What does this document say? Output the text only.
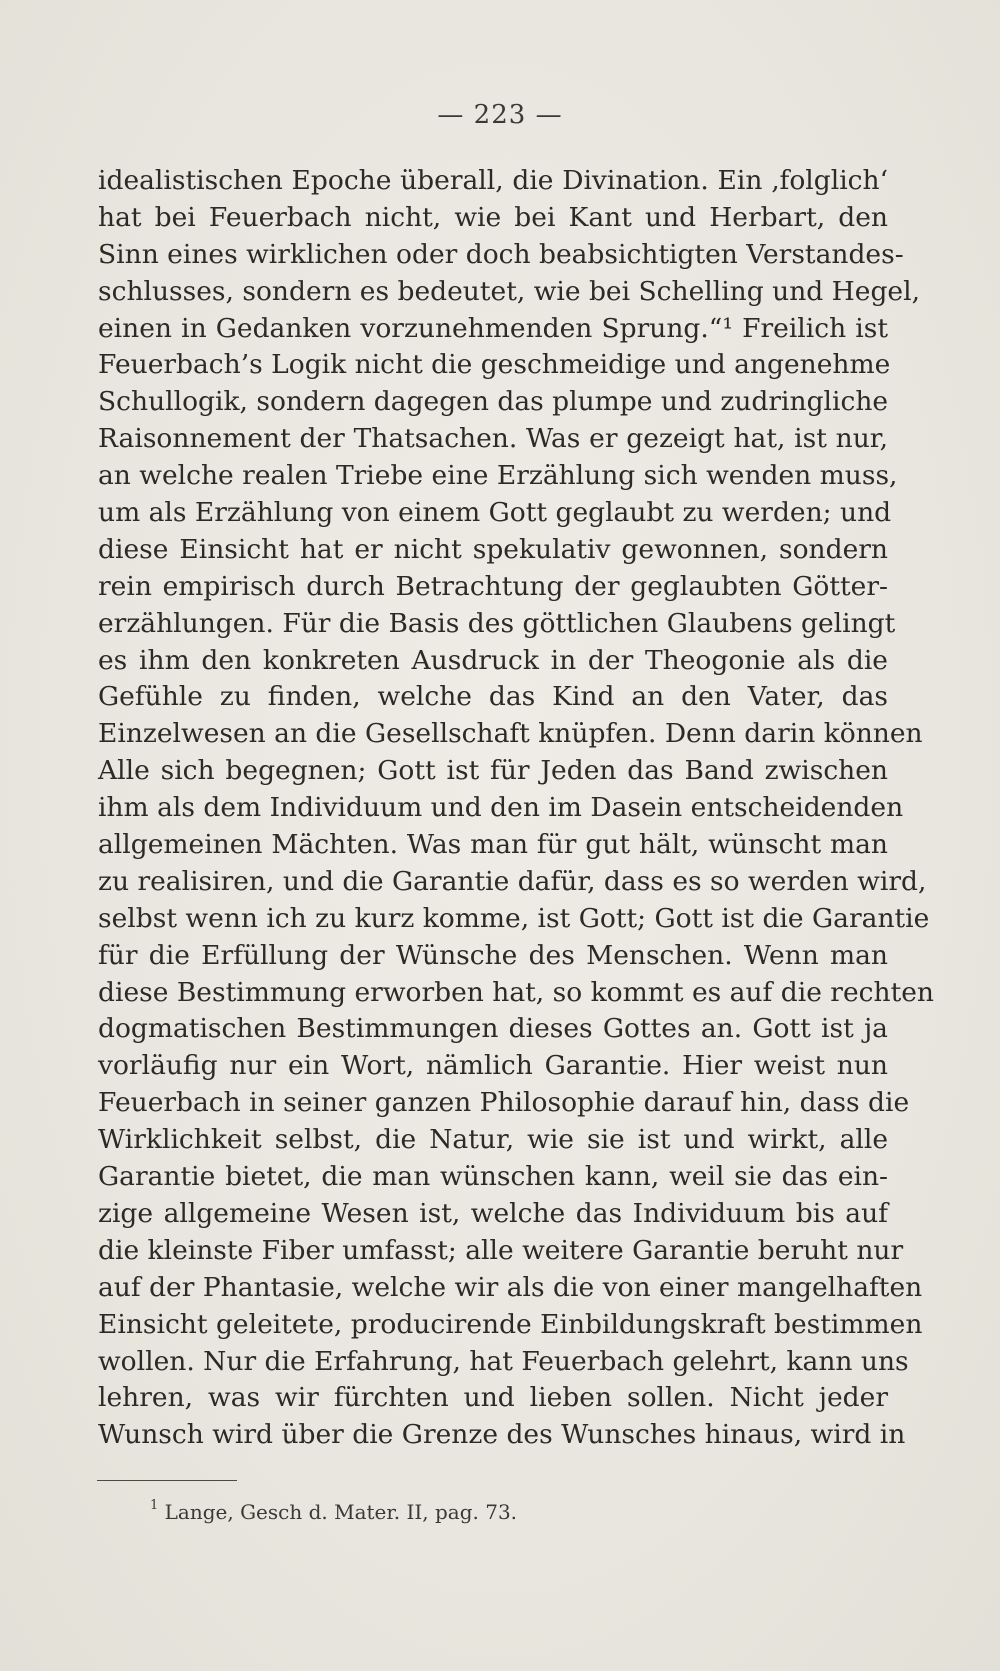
— 223 —
idealistischen Epoche überall, die Divination. Ein ‚folglich‘
hat bei Feuerbach nicht, wie bei Kant und Herbart, den
Sinn eines wirklichen oder doch beabsichtigten Verstandes-
schlusses, sondern es bedeutet, wie bei Schelling und Hegel,
einen in Gedanken vorzunehmenden Sprung.“¹ Freilich ist
Feuerbach’s Logik nicht die geschmeidige und angenehme
Schullogik, sondern dagegen das plumpe und zudringliche
Raisonnement der Thatsachen. Was er gezeigt hat, ist nur,
an welche realen Triebe eine Erzählung sich wenden muss,
um als Erzählung von einem Gott geglaubt zu werden; und
diese Einsicht hat er nicht spekulativ gewonnen, sondern
rein empirisch durch Betrachtung der geglaubten Götter-
erzählungen. Für die Basis des göttlichen Glaubens gelingt
es ihm den konkreten Ausdruck in der Theogonie als die
Gefühle zu finden, welche das Kind an den Vater, das
Einzelwesen an die Gesellschaft knüpfen. Denn darin können
Alle sich begegnen; Gott ist für Jeden das Band zwischen
ihm als dem Individuum und den im Dasein entscheidenden
allgemeinen Mächten. Was man für gut hält, wünscht man
zu realisiren, und die Garantie dafür, dass es so werden wird,
selbst wenn ich zu kurz komme, ist Gott; Gott ist die Garantie
für die Erfüllung der Wünsche des Menschen. Wenn man
diese Bestimmung erworben hat, so kommt es auf die rechten
dogmatischen Bestimmungen dieses Gottes an. Gott ist ja
vorläufig nur ein Wort, nämlich Garantie. Hier weist nun
Feuerbach in seiner ganzen Philosophie darauf hin, dass die
Wirklichkeit selbst, die Natur, wie sie ist und wirkt, alle
Garantie bietet, die man wünschen kann, weil sie das ein-
zige allgemeine Wesen ist, welche das Individuum bis auf
die kleinste Fiber umfasst; alle weitere Garantie beruht nur
auf der Phantasie, welche wir als die von einer mangelhaften
Einsicht geleitete, producirende Einbildungskraft bestimmen
wollen. Nur die Erfahrung, hat Feuerbach gelehrt, kann uns
lehren, was wir fürchten und lieben sollen. Nicht jeder
Wunsch wird über die Grenze des Wunsches hinaus, wird in
$^1$ Lange, Gesch d. Mater. II, pag. 73.
